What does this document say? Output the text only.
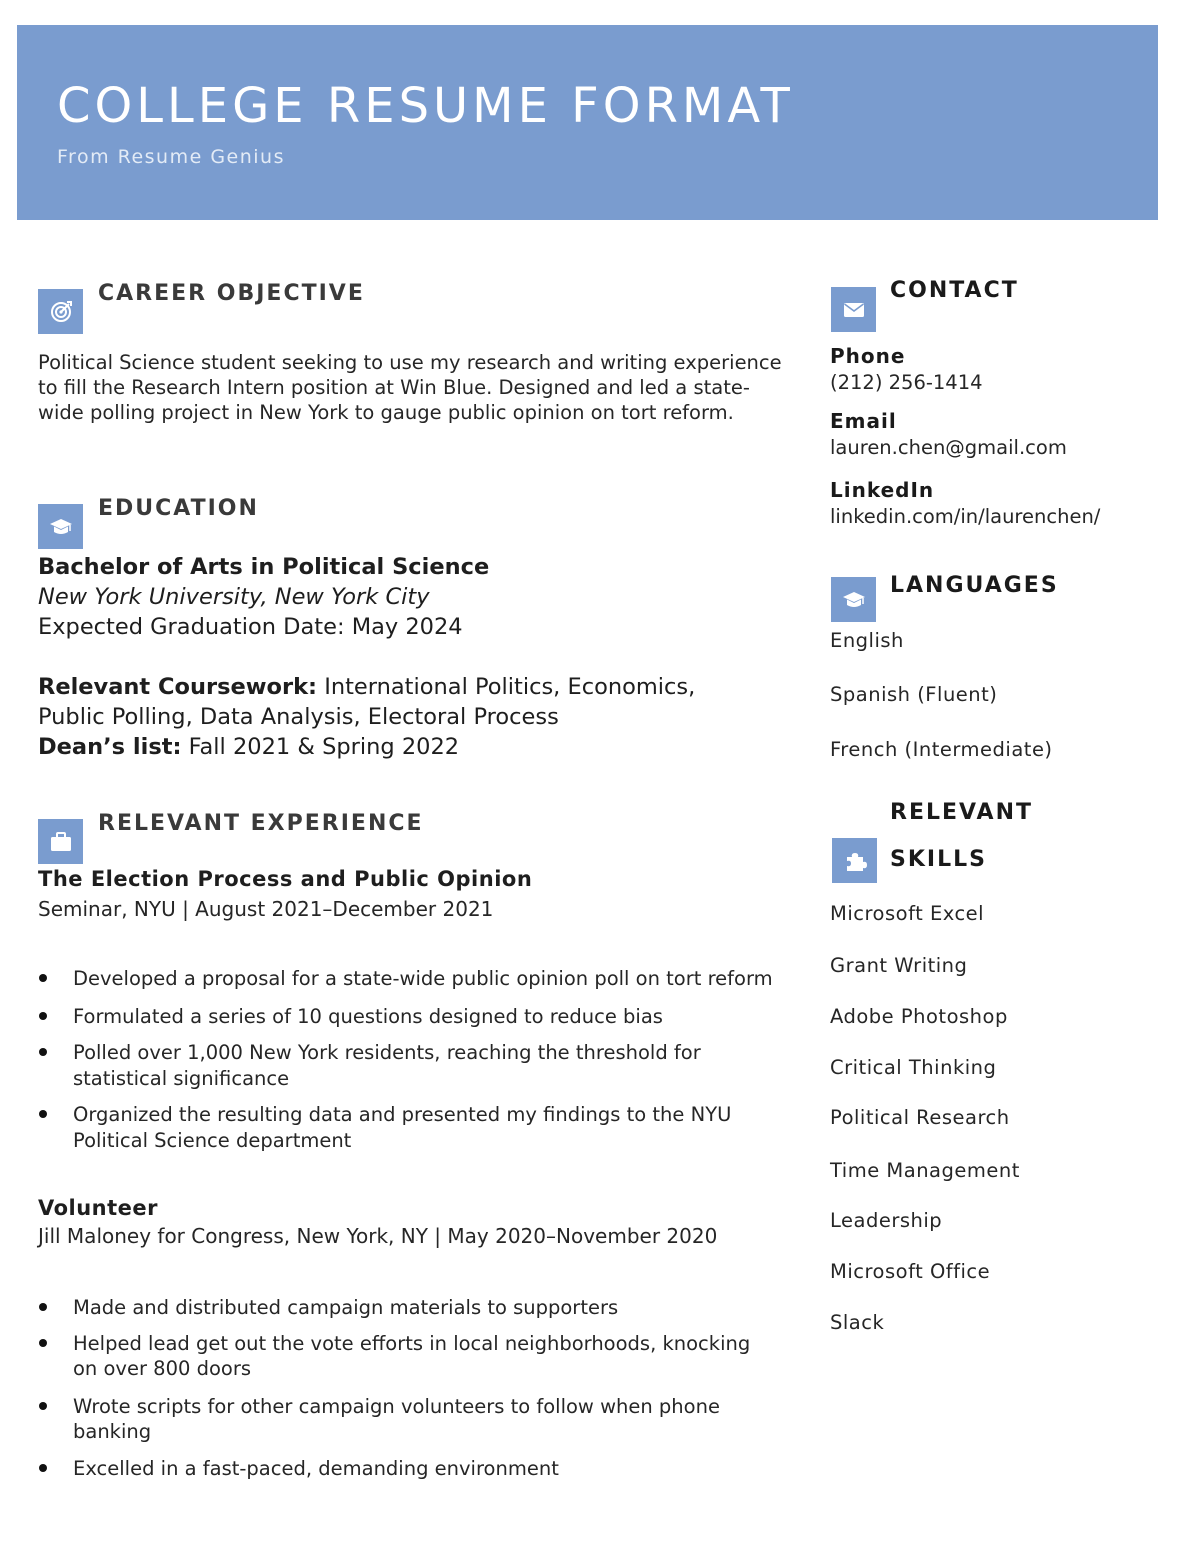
COLLEGE RESUME FORMAT
From Resume Genius
CAREER OBJECTIVE

Political Science student seeking to use my research and writing experience to fill the Research Intern position at Win Blue. Designed and led a state-wide polling project in New York to gauge public opinion on tort reform.

EDUCATION
Bachelor of Arts in Political Science
New York University, New York City
Expected Graduation Date: May 2024
Relevant Coursework: International Politics, Economics,
Public Polling, Data Analysis, Electoral Process
Dean’s list: Fall 2021 & Spring 2022
RELEVANT EXPERIENCE
The Election Process and Public Opinion
Seminar, NYU | August 2021–December 2021
Developed a proposal for a state-wide public opinion poll on tort reform
Formulated a series of 10 questions designed to reduce bias
Polled over 1,000 New York residents, reaching the threshold for statistical significance
Organized the resulting data and presented my findings to the NYU Political Science department
Volunteer
Jill Maloney for Congress, New York, NY | May 2020–November 2020
Made and distributed campaign materials to supporters
Helped lead get out the vote efforts in local neighborhoods, knocking on over 800 doors
Wrote scripts for other campaign volunteers to follow when phone banking
Excelled in a fast-paced, demanding environment
CONTACT
Phone
(212) 256-1414
Email
lauren.chen@gmail.com
LinkedIn
linkedin.com/in/laurenchen/
LANGUAGES
English
Spanish (Fluent)
French (Intermediate)
RELEVANT
SKILLS
Microsoft Excel
Grant Writing
Adobe Photoshop
Critical Thinking
Political Research
Time Management
Leadership
Microsoft Office
Slack
